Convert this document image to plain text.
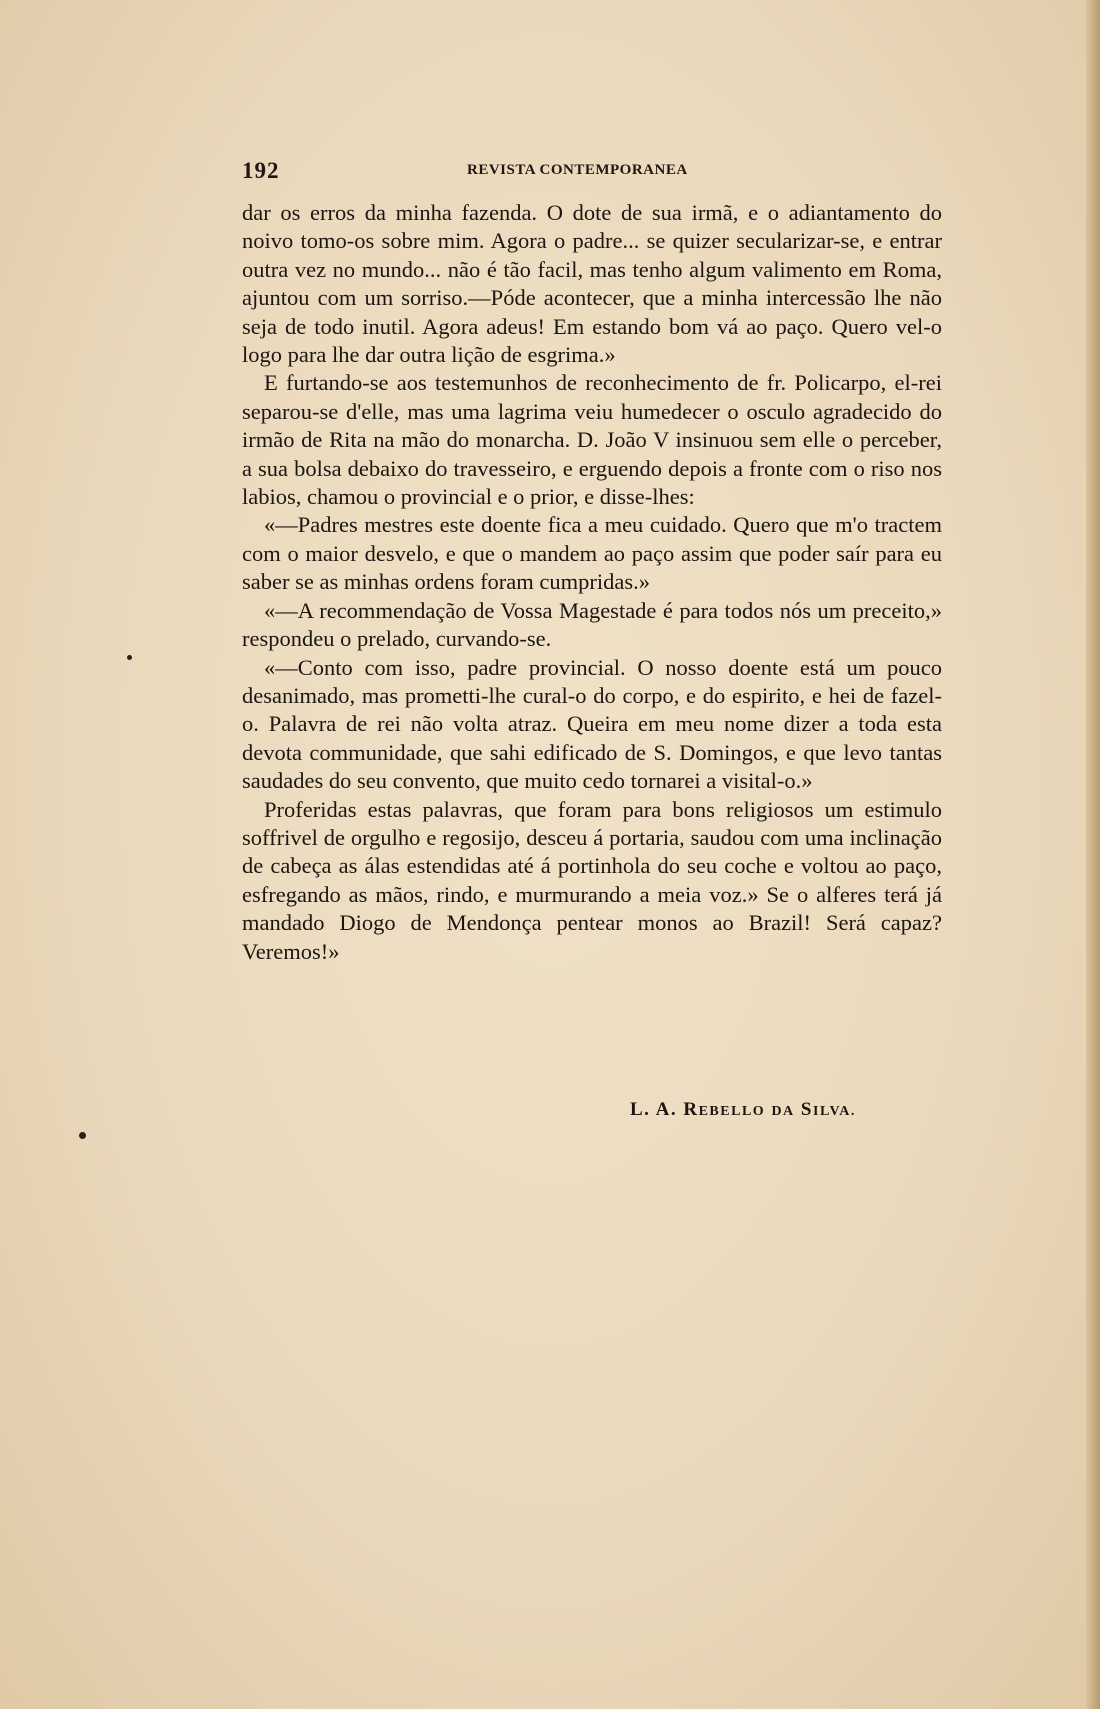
192	REVISTA CONTEMPORANEA

dar os erros da minha fazenda. O dote de sua irmã, e o adiantamento do noivo tomo-os sobre mim. Agora o padre... se quizer secularizar-se, e entrar outra vez no mundo... não é tão facil, mas tenho algum valimento em Roma, ajuntou com um sorriso.—Póde acontecer, que a minha intercessão lhe não seja de todo inutil. Agora adeus! Em estando bom vá ao paço. Quero vel-o logo para lhe dar outra lição de esgrima.»

E furtando-se aos testemunhos de reconhecimento de fr. Policarpo, el-rei separou-se d'elle, mas uma lagrima veiu humedecer o osculo agradecido do irmão de Rita na mão do monarcha. D. João V insinuou sem elle o perceber, a sua bolsa debaixo do travesseiro, e erguendo depois a fronte com o riso nos labios, chamou o provincial e o prior, e disse-lhes:

«—Padres mestres este doente fica a meu cuidado. Quero que m'o tractem com o maior desvelo, e que o mandem ao paço assim que poder saír para eu saber se as minhas ordens foram cumpridas.»

«—A recommendação de Vossa Magestade é para todos nós um preceito,» respondeu o prelado, curvando-se.

«—Conto com isso, padre provincial. O nosso doente está um pouco desanimado, mas prometti-lhe cural-o do corpo, e do espirito, e hei de fazel-o. Palavra de rei não volta atraz. Queira em meu nome dizer a toda esta devota communidade, que sahi edificado de S. Domingos, e que levo tantas saudades do seu convento, que muito cedo tornarei a visital-o.»

Proferidas estas palavras, que foram para bons religiosos um estimulo soffrivel de orgulho e regosijo, desceu á portaria, saudou com uma inclinação de cabeça as álas estendidas até á portinhola do seu coche e voltou ao paço, esfregando as mãos, rindo, e murmurando a meia voz.» Se o alferes terá já mandado Diogo de Mendonça pentear monos ao Brazil! Será capaz? Veremos!»

L. A. REBELLO DA SILVA.
